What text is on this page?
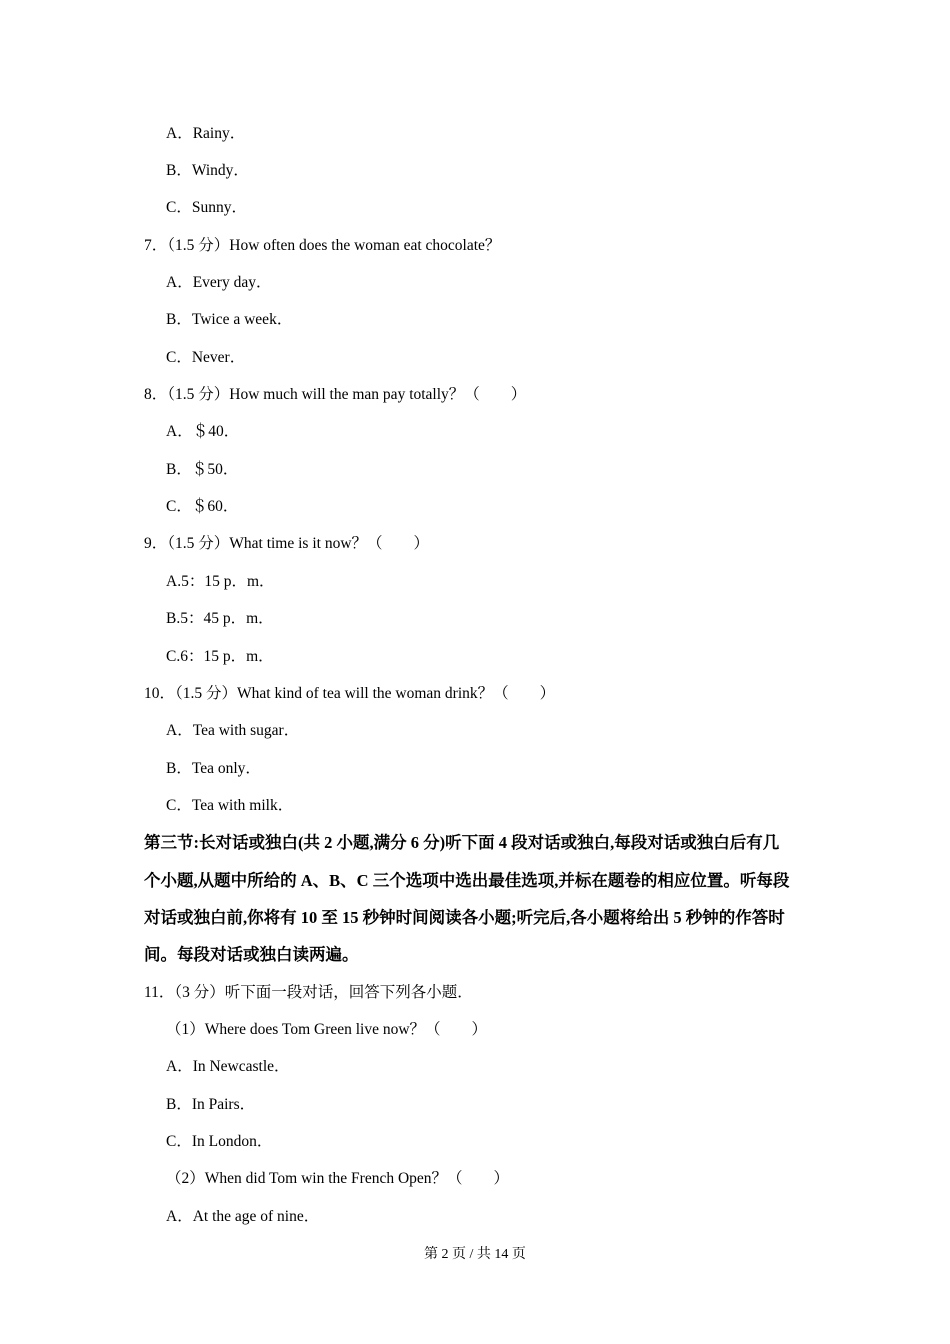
A．Rainy．
B．Windy．
C．Sunny．
7．（1.5 分）How often does the woman eat chocolate？
A．Every day．
B．Twice a week．
C．Never．
8．（1.5 分）How much will the man pay totally？（　　）
A．＄40．
B．＄50．
C．＄60．
9．（1.5 分）What time is it now？（　　）
A.5：15 p．m．
B.5：45 p．m．
C.6：15 p．m．
10．（1.5 分）What kind of tea will the woman drink？（　　）
A．Tea with sugar．
B．Tea only．
C．Tea with milk．
第三节:长对话或独白(共 2 小题,满分 6 分)听下面 4 段对话或独白,每段对话或独白后有几
个小题,从题中所给的 A、B、C 三个选项中选出最佳选项,并标在题卷的相应位置。听每段
对话或独白前,你将有 10 至 15 秒钟时间阅读各小题;听完后,各小题将给出 5 秒钟的作答时
间。每段对话或独白读两遍。
11．（3 分）听下面一段对话，回答下列各小题．
（1）Where does Tom Green live now？（　　）
A．In Newcastle．
B．In Pairs．
C．In London．
（2）When did Tom win the French Open？（　　）
A．At the age of nine．
第 2 页 / 共 14 页
